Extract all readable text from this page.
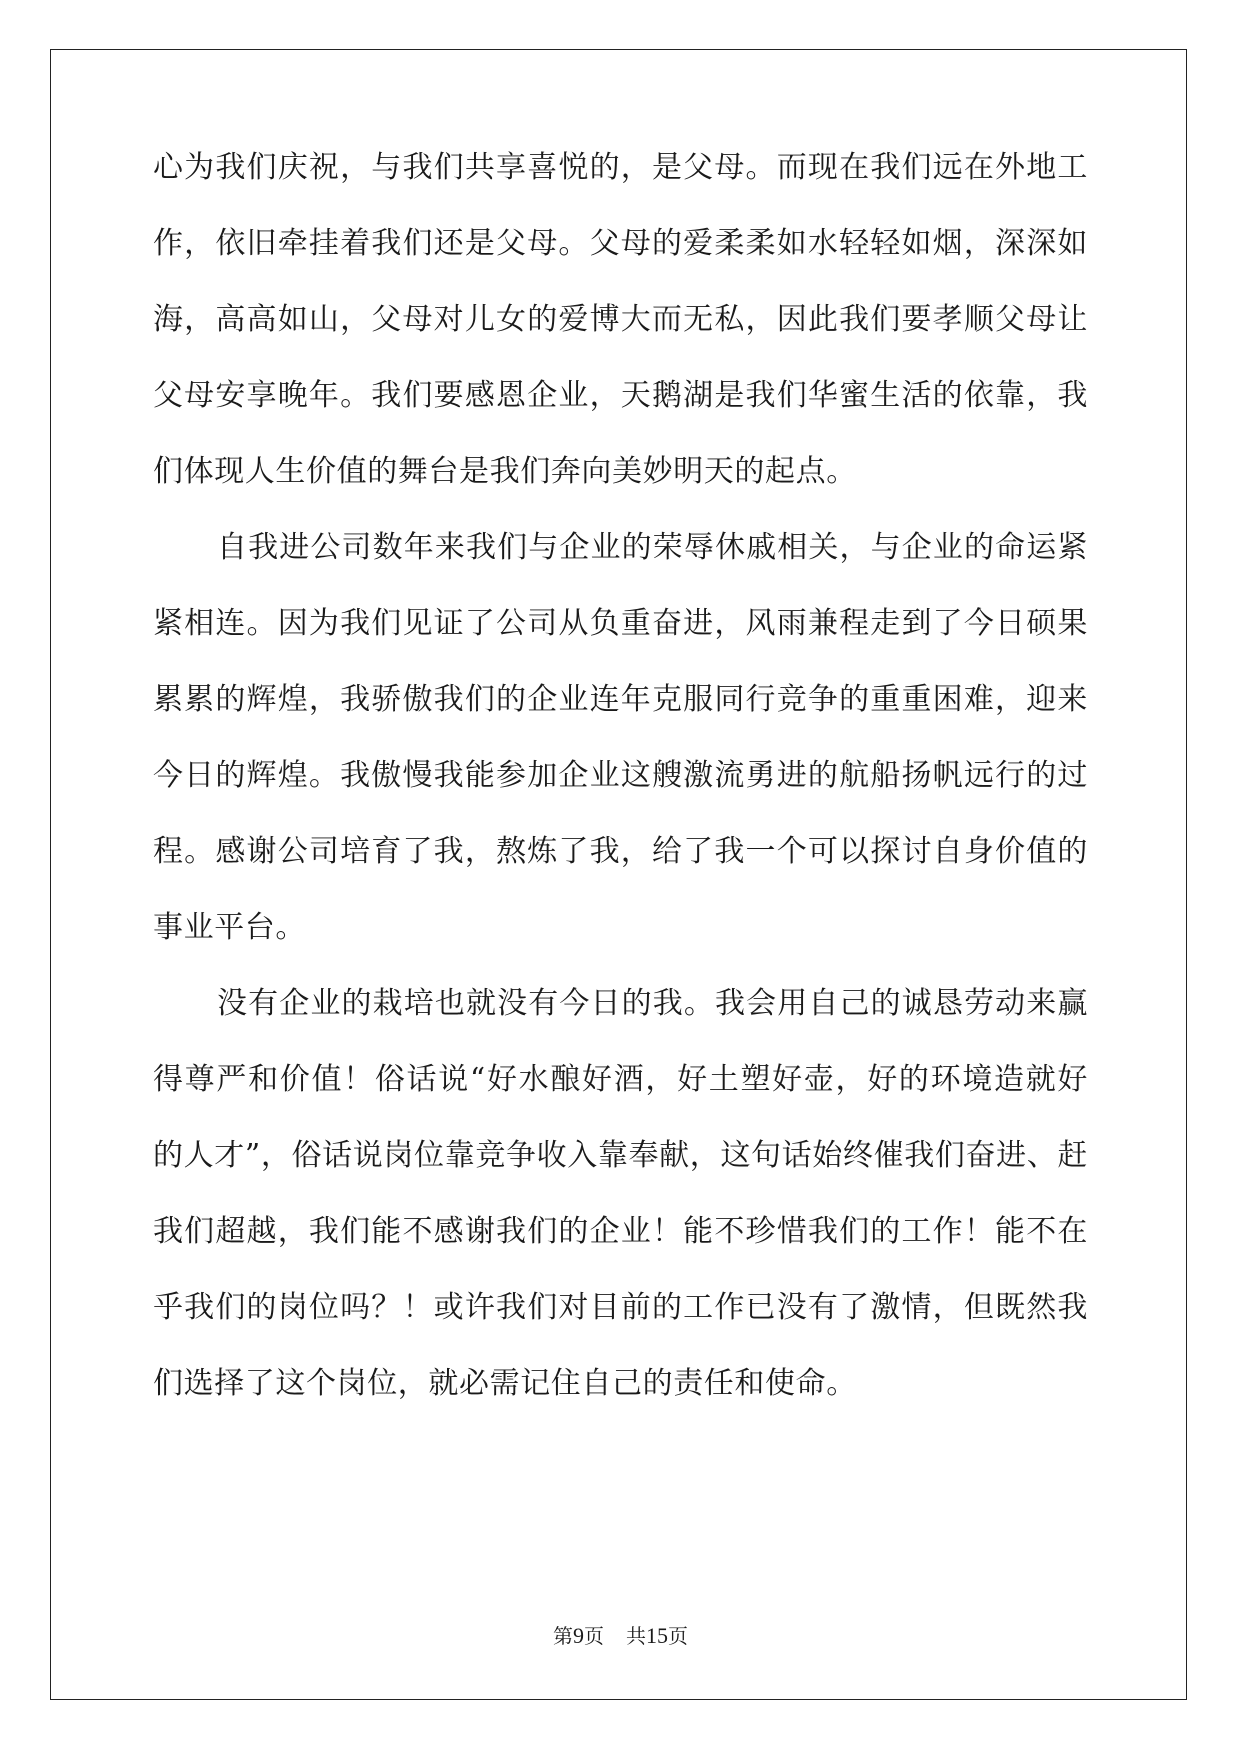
心为我们庆祝，与我们共享喜悦的，是父母。而现在我们远在外地工
作，依旧牵挂着我们还是父母。父母的爱柔柔如水轻轻如烟，深深如
海，高高如山，父母对儿女的爱博大而无私，因此我们要孝顺父母让
父母安享晚年。我们要感恩企业，天鹅湖是我们华蜜生活的依靠，我
们体现人生价值的舞台是我们奔向美妙明天的起点。
自我进公司数年来我们与企业的荣辱休戚相关，与企业的命运紧
紧相连。因为我们见证了公司从负重奋进，风雨兼程走到了今日硕果
累累的辉煌，我骄傲我们的企业连年克服同行竞争的重重困难，迎来
今日的辉煌。我傲慢我能参加企业这艘激流勇进的航船扬帆远行的过
程。感谢公司培育了我，熬炼了我，给了我一个可以探讨自身价值的
事业平台。
没有企业的栽培也就没有今日的我。我会用自己的诚恳劳动来赢
得尊严和价值！俗话说“好水酿好酒，好土塑好壶，好的环境造就好
的人才”，俗话说岗位靠竞争收入靠奉献，这句话始终催我们奋进、赶
我们超越，我们能不感谢我们的企业！能不珍惜我们的工作！能不在
乎我们的岗位吗？！或许我们对目前的工作已没有了激情，但既然我
们选择了这个岗位，就必需记住自己的责任和使命。
第9页 共15页
